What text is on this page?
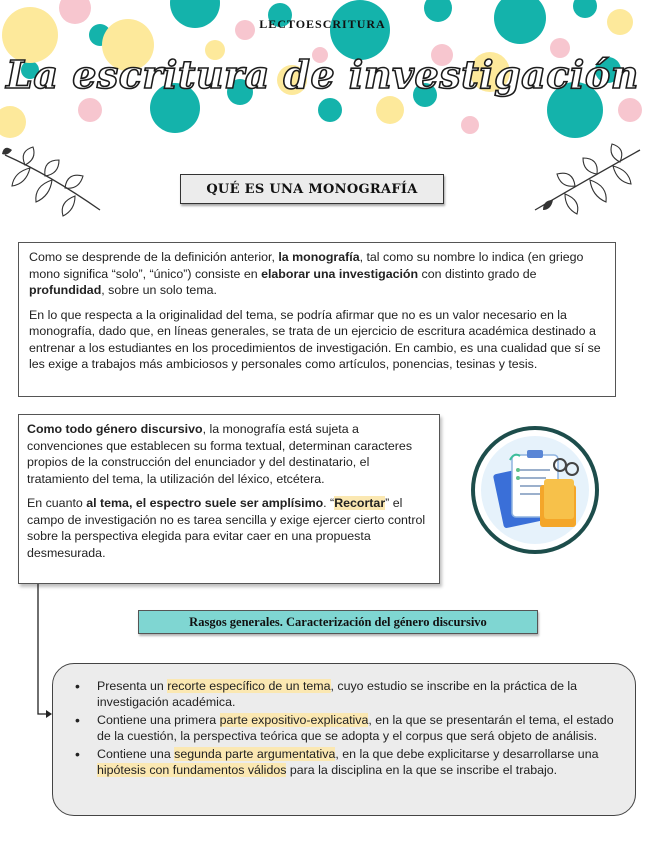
LECTOESCRITURA
La escritura de investigación
QUÉ ES UNA MONOGRAFÍA

Como se desprende de la definición anterior, la monografía, tal como su nombre lo indica (en griego mono significa “solo”, “único”) consiste en elaborar una investigación con distinto grado de profundidad, sobre un solo tema.

En lo que respecta a la originalidad del tema, se podría afirmar que no es un valor necesario en la monografía, dado que, en líneas generales, se trata de un ejercicio de escritura académica destinado a entrenar a los estudiantes en los procedimientos de investigación. En cambio, es una cualidad que sí se les exige a trabajos más ambiciosos y personales como artículos, ponencias, tesinas y tesis.

Como todo género discursivo, la monografía está sujeta a convenciones que establecen su forma textual, determinan caracteres propios de la construcción del enunciador y del destinatario, el tratamiento del tema, la utilización del léxico, etcétera.

En cuanto al tema, el espectro suele ser amplísimo. “Recortar” el campo de investigación no es tarea sencilla y exige ejercer cierto control sobre la perspectiva elegida para evitar caer en una propuesta desmesurada.

Rasgos generales. Caracterización del género discursivo
• Presenta un recorte específico de un tema, cuyo estudio se inscribe en la práctica de la investigación académica.
• Contiene una primera parte expositivo-explicativa, en la que se presentarán el tema, el estado de la cuestión, la perspectiva teórica que se adopta y el corpus que será objeto de análisis.
• Contiene una segunda parte argumentativa, en la que debe explicitarse y desarrollarse una hipótesis con fundamentos válidos para la disciplina en la que se inscribe el trabajo.
